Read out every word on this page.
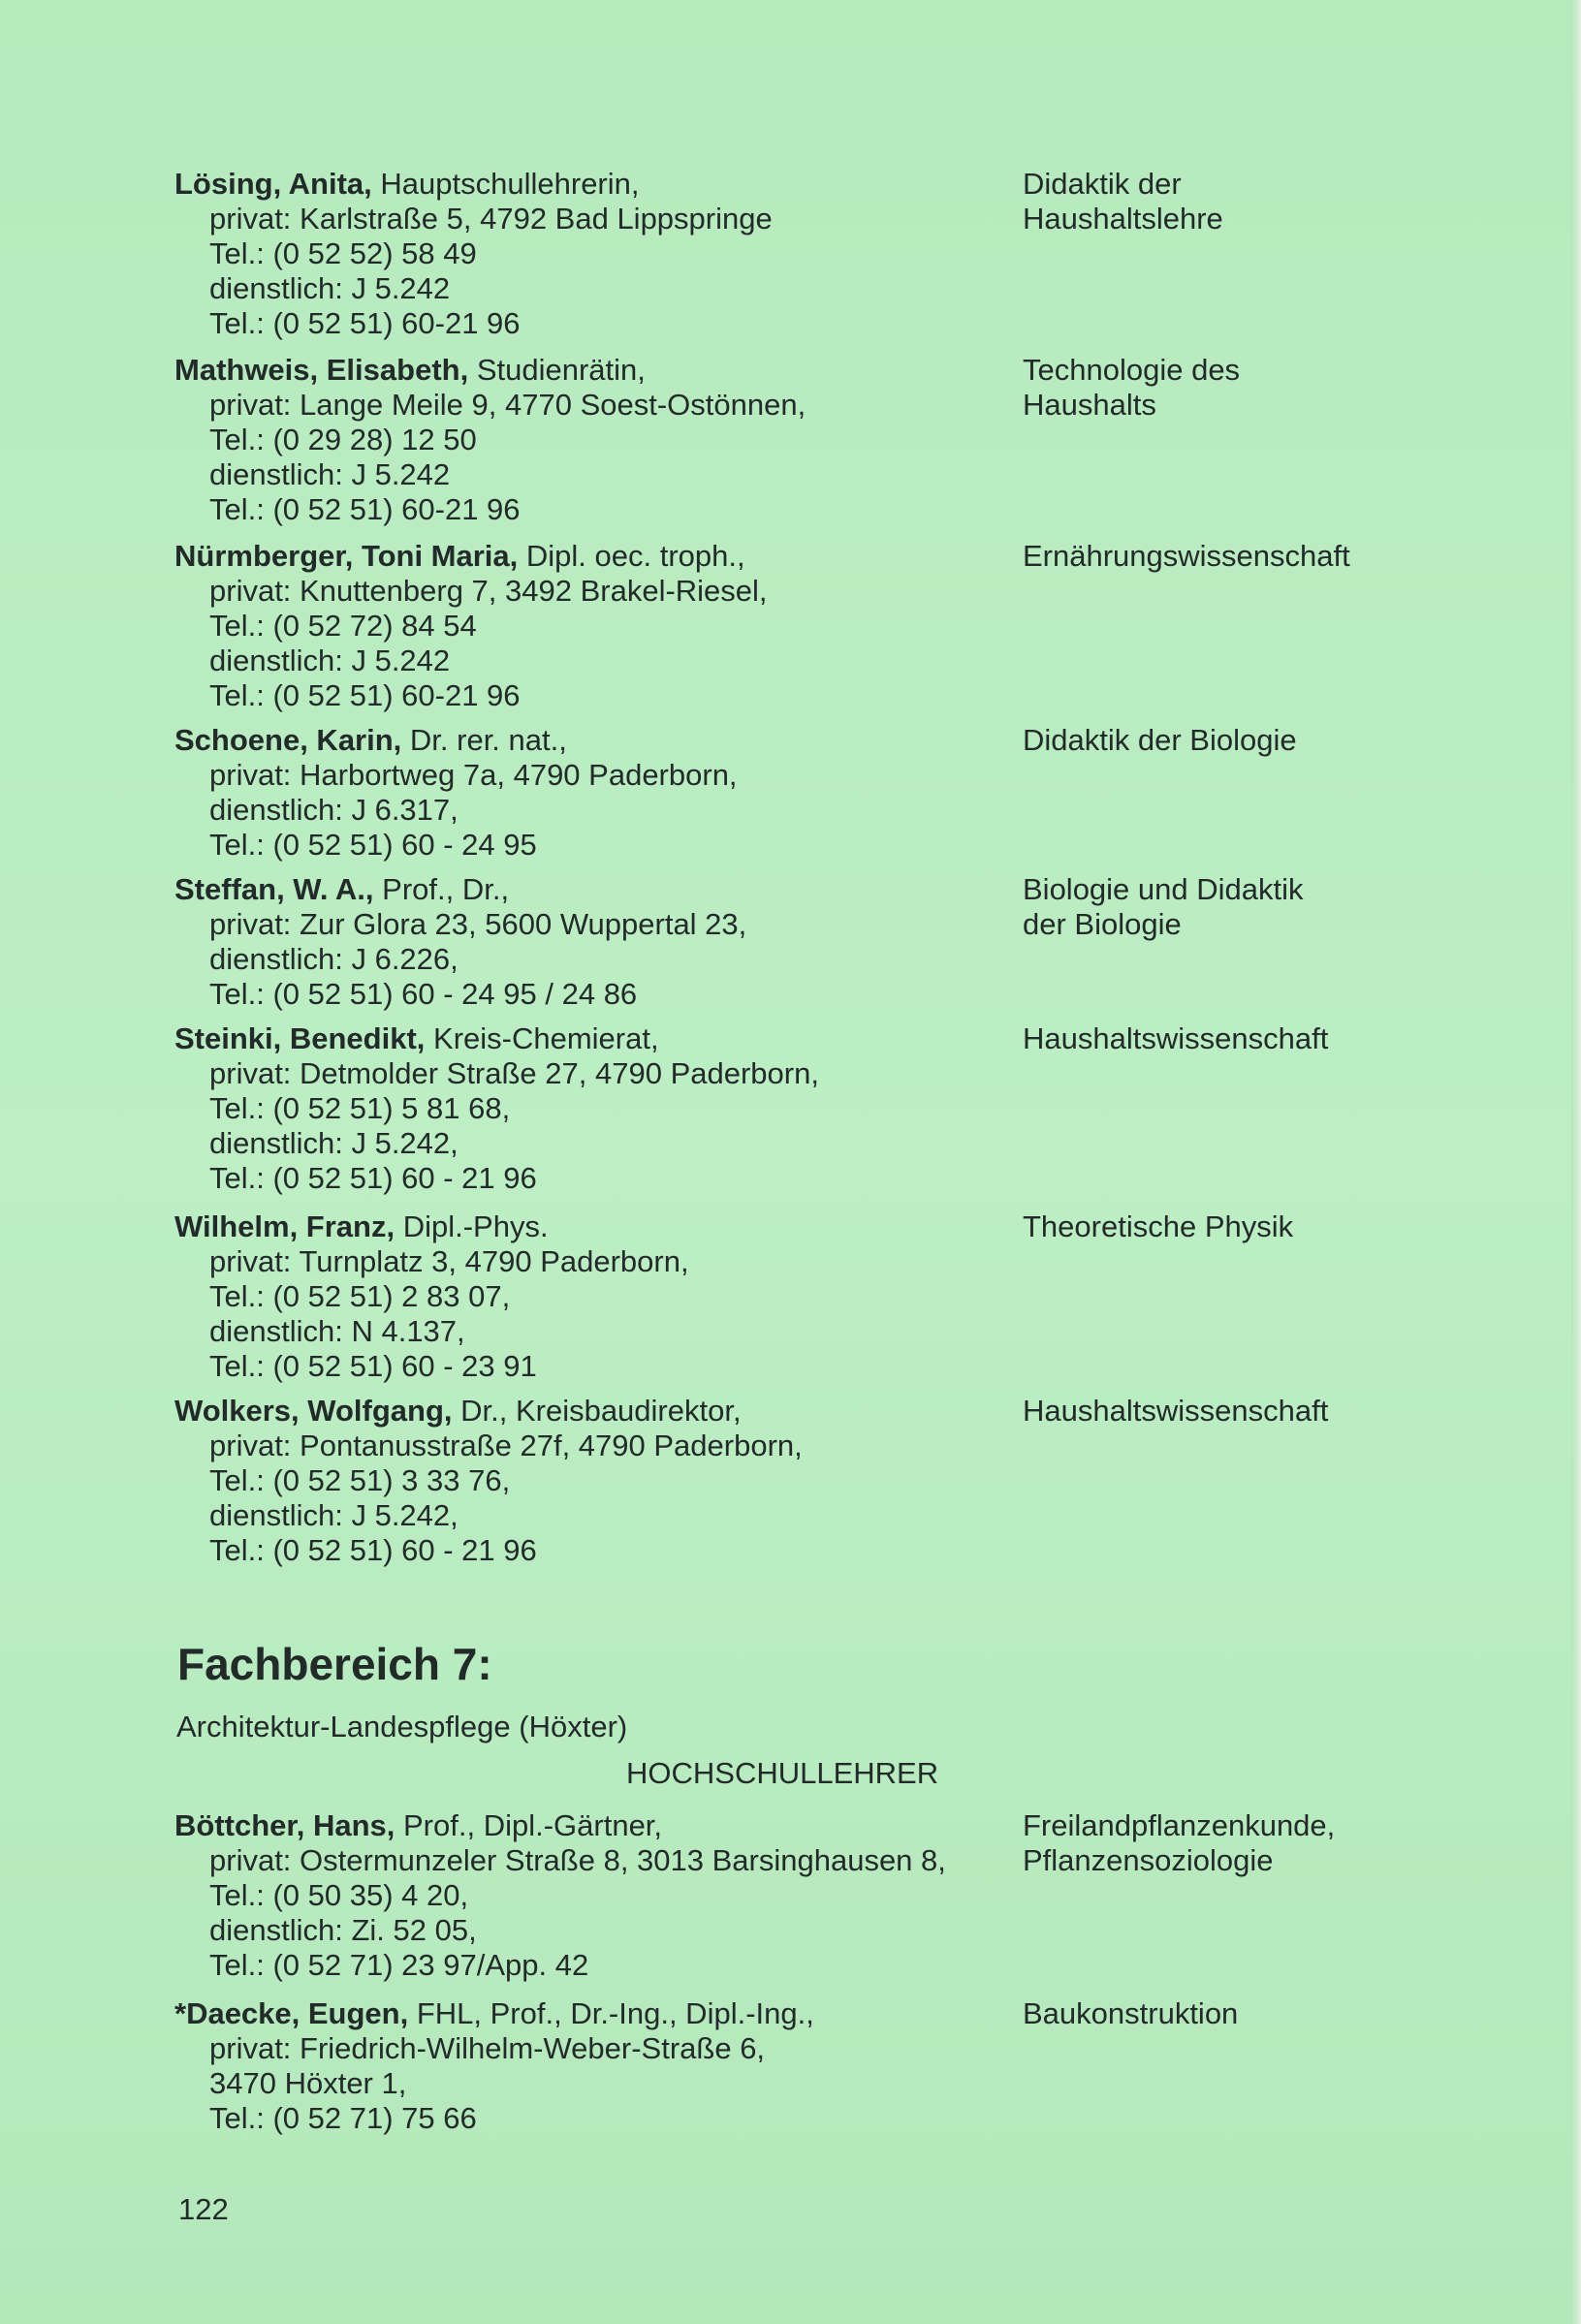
Lösing, Anita, Hauptschullehrerin,
privat: Karlstraße 5, 4792 Bad Lippspringe
Tel.: (0 52 52) 58 49
dienstlich: J 5.242
Tel.: (0 52 51) 60-21 96
Didaktik der
Haushaltslehre
Mathweis, Elisabeth, Studienrätin,
privat: Lange Meile 9, 4770 Soest-Ostönnen,
Tel.: (0 29 28) 12 50
dienstlich: J 5.242
Tel.: (0 52 51) 60-21 96
Technologie des
Haushalts
Nürmberger, Toni Maria, Dipl. oec. troph.,
privat: Knuttenberg 7, 3492 Brakel-Riesel,
Tel.: (0 52 72) 84 54
dienstlich: J 5.242
Tel.: (0 52 51) 60-21 96
Ernährungswissenschaft
Schoene, Karin, Dr. rer. nat.,
privat: Harbortweg 7a, 4790 Paderborn,
dienstlich: J 6.317,
Tel.: (0 52 51) 60 - 24 95
Didaktik der Biologie
Steffan, W. A., Prof., Dr.,
privat: Zur Glora 23, 5600 Wuppertal 23,
dienstlich: J 6.226,
Tel.: (0 52 51) 60 - 24 95 / 24 86
Biologie und Didaktik
der Biologie
Steinki, Benedikt, Kreis-Chemierat,
privat: Detmolder Straße 27, 4790 Paderborn,
Tel.: (0 52 51) 5 81 68,
dienstlich: J 5.242,
Tel.: (0 52 51) 60 - 21 96
Haushaltswissenschaft
Wilhelm, Franz, Dipl.-Phys.
privat: Turnplatz 3, 4790 Paderborn,
Tel.: (0 52 51) 2 83 07,
dienstlich: N 4.137,
Tel.: (0 52 51) 60 - 23 91
Theoretische Physik
Wolkers, Wolfgang, Dr., Kreisbaudirektor,
privat: Pontanusstraße 27f, 4790 Paderborn,
Tel.: (0 52 51) 3 33 76,
dienstlich: J 5.242,
Tel.: (0 52 51) 60 - 21 96
Haushaltswissenschaft
Fachbereich 7:
Architektur-Landespflege (Höxter)
HOCHSCHULLEHRER
Böttcher, Hans, Prof., Dipl.-Gärtner,
privat: Ostermunzeler Straße 8, 3013 Barsinghausen 8,
Tel.: (0 50 35) 4 20,
dienstlich: Zi. 52 05,
Tel.: (0 52 71) 23 97/App. 42
Freilandpflanzenkunde,
Pflanzensoziologie
*Daecke, Eugen, FHL, Prof., Dr.-Ing., Dipl.-Ing.,
privat: Friedrich-Wilhelm-Weber-Straße 6,
3470 Höxter 1,
Tel.: (0 52 71) 75 66
Baukonstruktion
122
